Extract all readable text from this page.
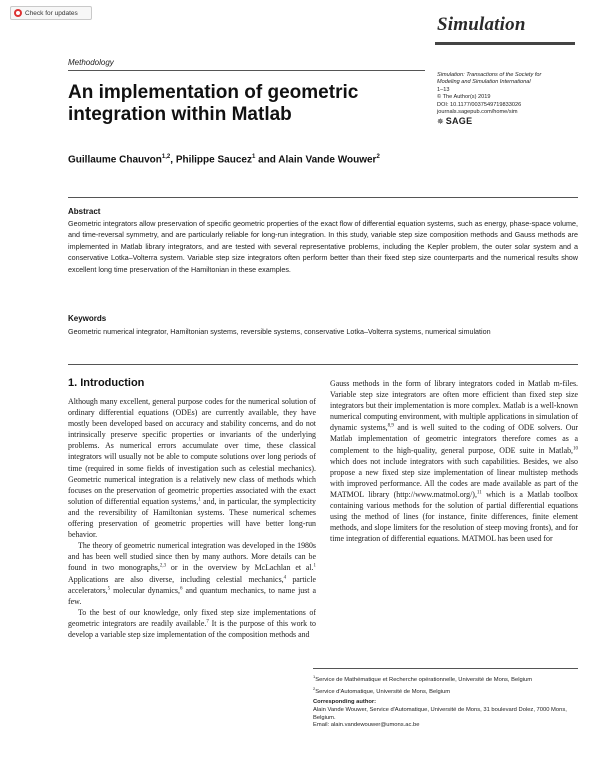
Check for updates
Simulation
Methodology
An implementation of geometric integration within Matlab
Simulation: Transactions of the Society for
Modeling and Simulation International
1–13
© The Author(s) 2019
DOI: 10.1177/0037549719833026
journals.sagepub.com/home/sim
✵ SAGE
Guillaume Chauvon$^{1,2}$, Philippe Saucez$^1$ and Alain Vande Wouwer$^2$
Abstract
Geometric integrators allow preservation of specific geometric properties of the exact flow of differential equation systems, such as energy, phase-space volume, and time-reversal symmetry, and are particularly reliable for long-run integration. In this study, variable step size composition methods and Gauss methods are implemented in Matlab library integrators, and are tested with several representative problems, including the Kepler problem, the outer solar system and a conservative Lotka–Volterra system. Variable step size integrators often perform better than their fixed step size counterparts and the numerical results show excellent long time preservation of the Hamiltonian in these examples.
Keywords
Geometric numerical integrator, Hamiltonian systems, reversible systems, conservative Lotka–Volterra systems, numerical simulation
1. Introduction

Although many excellent, general purpose codes for the numerical solution of ordinary differential equations (ODEs) are currently available, they have mostly been developed based on accuracy and stability concerns, and do not intrinsically preserve specific properties or invariants of the underlying problems. As numerical errors accumulate over time, these classical integrators will usually not be able to compute solutions over long periods of time (required in some fields of investigation such as celestial mechanics). Geometric numerical integration is a relatively new class of methods which focuses on the preservation of geometric properties associated with the exact solution of differential equation systems,$^1$ and, in particular, the symplecticity and the reversibility of Hamiltonian systems. These numerical schemes offering preservation of geometric properties will have better long-run behavior.

The theory of geometric numerical integration was developed in the 1980s and has been well studied since then by many authors. More details can be found in two monographs,$^{2,3}$ or in the overview by McLachlan et al.$^1$ Applications are also diverse, including celestial mechanics,$^4$ particle accelerators,$^5$ molecular dynamics,$^6$ and quantum mechanics, to name just a few.

To the best of our knowledge, only fixed step size implementations of geometric integrators are readily available.$^7$ It is the purpose of this work to develop a variable step size implementation of the composition methods and

Gauss methods in the form of library integrators coded in Matlab m-files. Variable step size integrators are often more efficient than fixed step size integrators but their implementation is more complex. Matlab is a well-known numerical computing environment, with multiple applications in simulation of dynamic systems,$^{8,9}$ and is well suited to the coding of ODE solvers. Our Matlab implementation of geometric integrators therefore comes as a complement to the high-quality, general purpose, ODE suite in Matlab,$^{10}$ which does not include integrators with such capabilities. Besides, we also propose a new fixed step size implementation of linear multistep methods with improved performance. All the codes are made available as part of the MATMOL library (http://www.matmol.org/),$^{11}$ which is a Matlab toolbox containing various methods for the solution of partial differential equations using the method of lines (for instance, finite differences, finite element methods, and slope limiters for the resolution of steep moving fronts), and for time integration of differential equations. MATMOL has been used for

$^1$Service de Mathématique et Recherche opérationnelle, Université de Mons, Belgium
$^2$Service d'Automatique, Université de Mons, Belgium
Corresponding author:
Alain Vande Wouwer, Service d'Automatique, Université de Mons, 31 boulevard Dolez, 7000 Mons, Belgium.
Email: alain.vandewouwer@umons.ac.be
